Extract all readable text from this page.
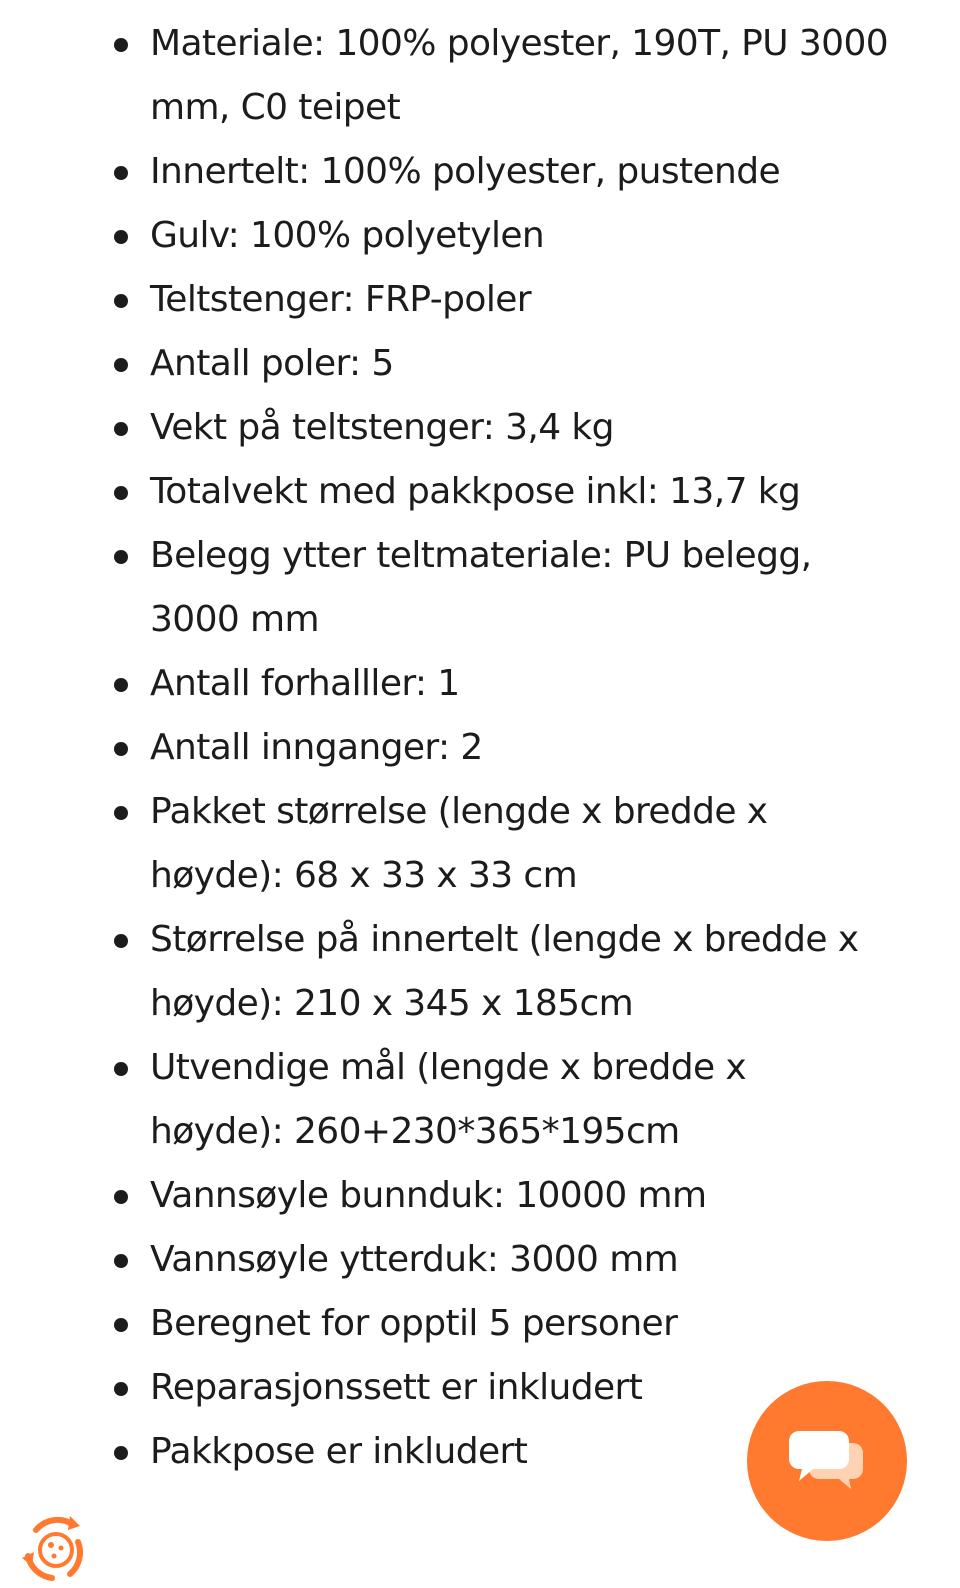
Materiale: 100% polyester, 190T, PU 3000 mm, C0 teipet
Innertelt: 100% polyester, pustende
Gulv: 100% polyetylen
Teltstenger: FRP-poler
Antall poler: 5
Vekt på teltstenger: 3,4 kg
Totalvekt med pakkpose inkl: 13,7 kg
Belegg ytter teltmateriale: PU belegg, 3000 mm
Antall forhalller: 1
Antall innganger: 2
Pakket størrelse (lengde x bredde x høyde): 68 x 33 x 33 cm
Størrelse på innertelt (lengde x bredde x høyde): 210 x 345 x 185cm
Utvendige mål (lengde x bredde x høyde): 260+230*365*195cm
Vannsøyle bunnduk: 10000 mm
Vannsøyle ytterduk: 3000 mm
Beregnet for opptil 5 personer
Reparasjonssett er inkludert
Pakkpose er inkludert
